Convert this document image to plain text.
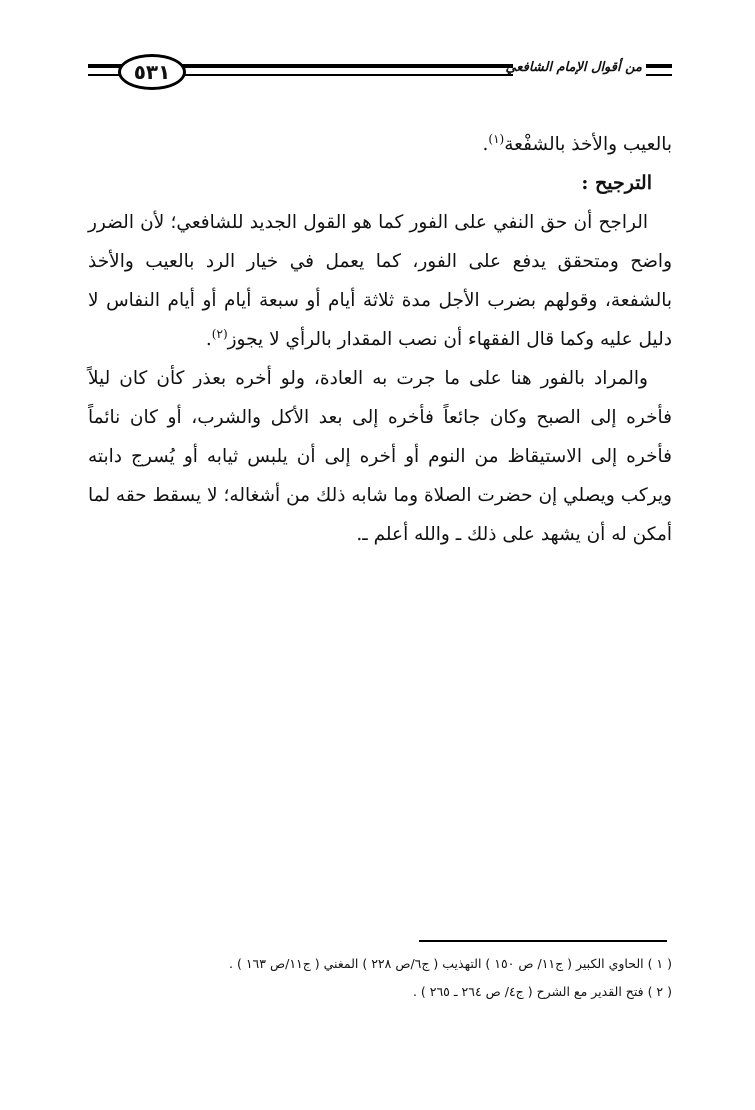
٥٣١	من أقوال الإمام الشافعي

بالعيب والأخذ بالشفْعة$^{(١)}$.

الترجيح :

الراجح أن حق النفي على الفور كما هو القول الجديد للشافعي؛ لأن الضرر واضح ومتحقق يدفع على الفور، كما يعمل في خيار الرد بالعيب والأخذ بالشفعة، وقولهم بضرب الأجل مدة ثلاثة أيام أو سبعة أيام أو أيام النفاس لا دليل عليه وكما قال الفقهاء أن نصب المقدار بالرأي لا يجوز$^{(٢)}$.

والمراد بالفور هنا على ما جرت به العادة، ولو أخره بعذر كأن كان ليلاً فأخره إلى الصبح وكان جائعاً فأخره إلى بعد الأكل والشرب، أو كان نائماً فأخره إلى الاستيقاظ من النوم أو أخره إلى أن يلبس ثيابه أو يُسرج دابته ويركب ويصلي إن حضرت الصلاة وما شابه ذلك من أشغاله؛ لا يسقط حقه لما أمكن له أن يشهد على ذلك ـ والله أعلم ـ.

( ١ ) الحاوي الكبير ( ج١١/ ص ١٥٠ ) التهذيب ( ج٦/ص ٢٢٨ ) المغني ( ج١١/ص ١٦٣ ) .

( ٢ ) فتح القدير مع الشرح ( ج٤/ ص ٢٦٤ ـ ٢٦٥ ) .
